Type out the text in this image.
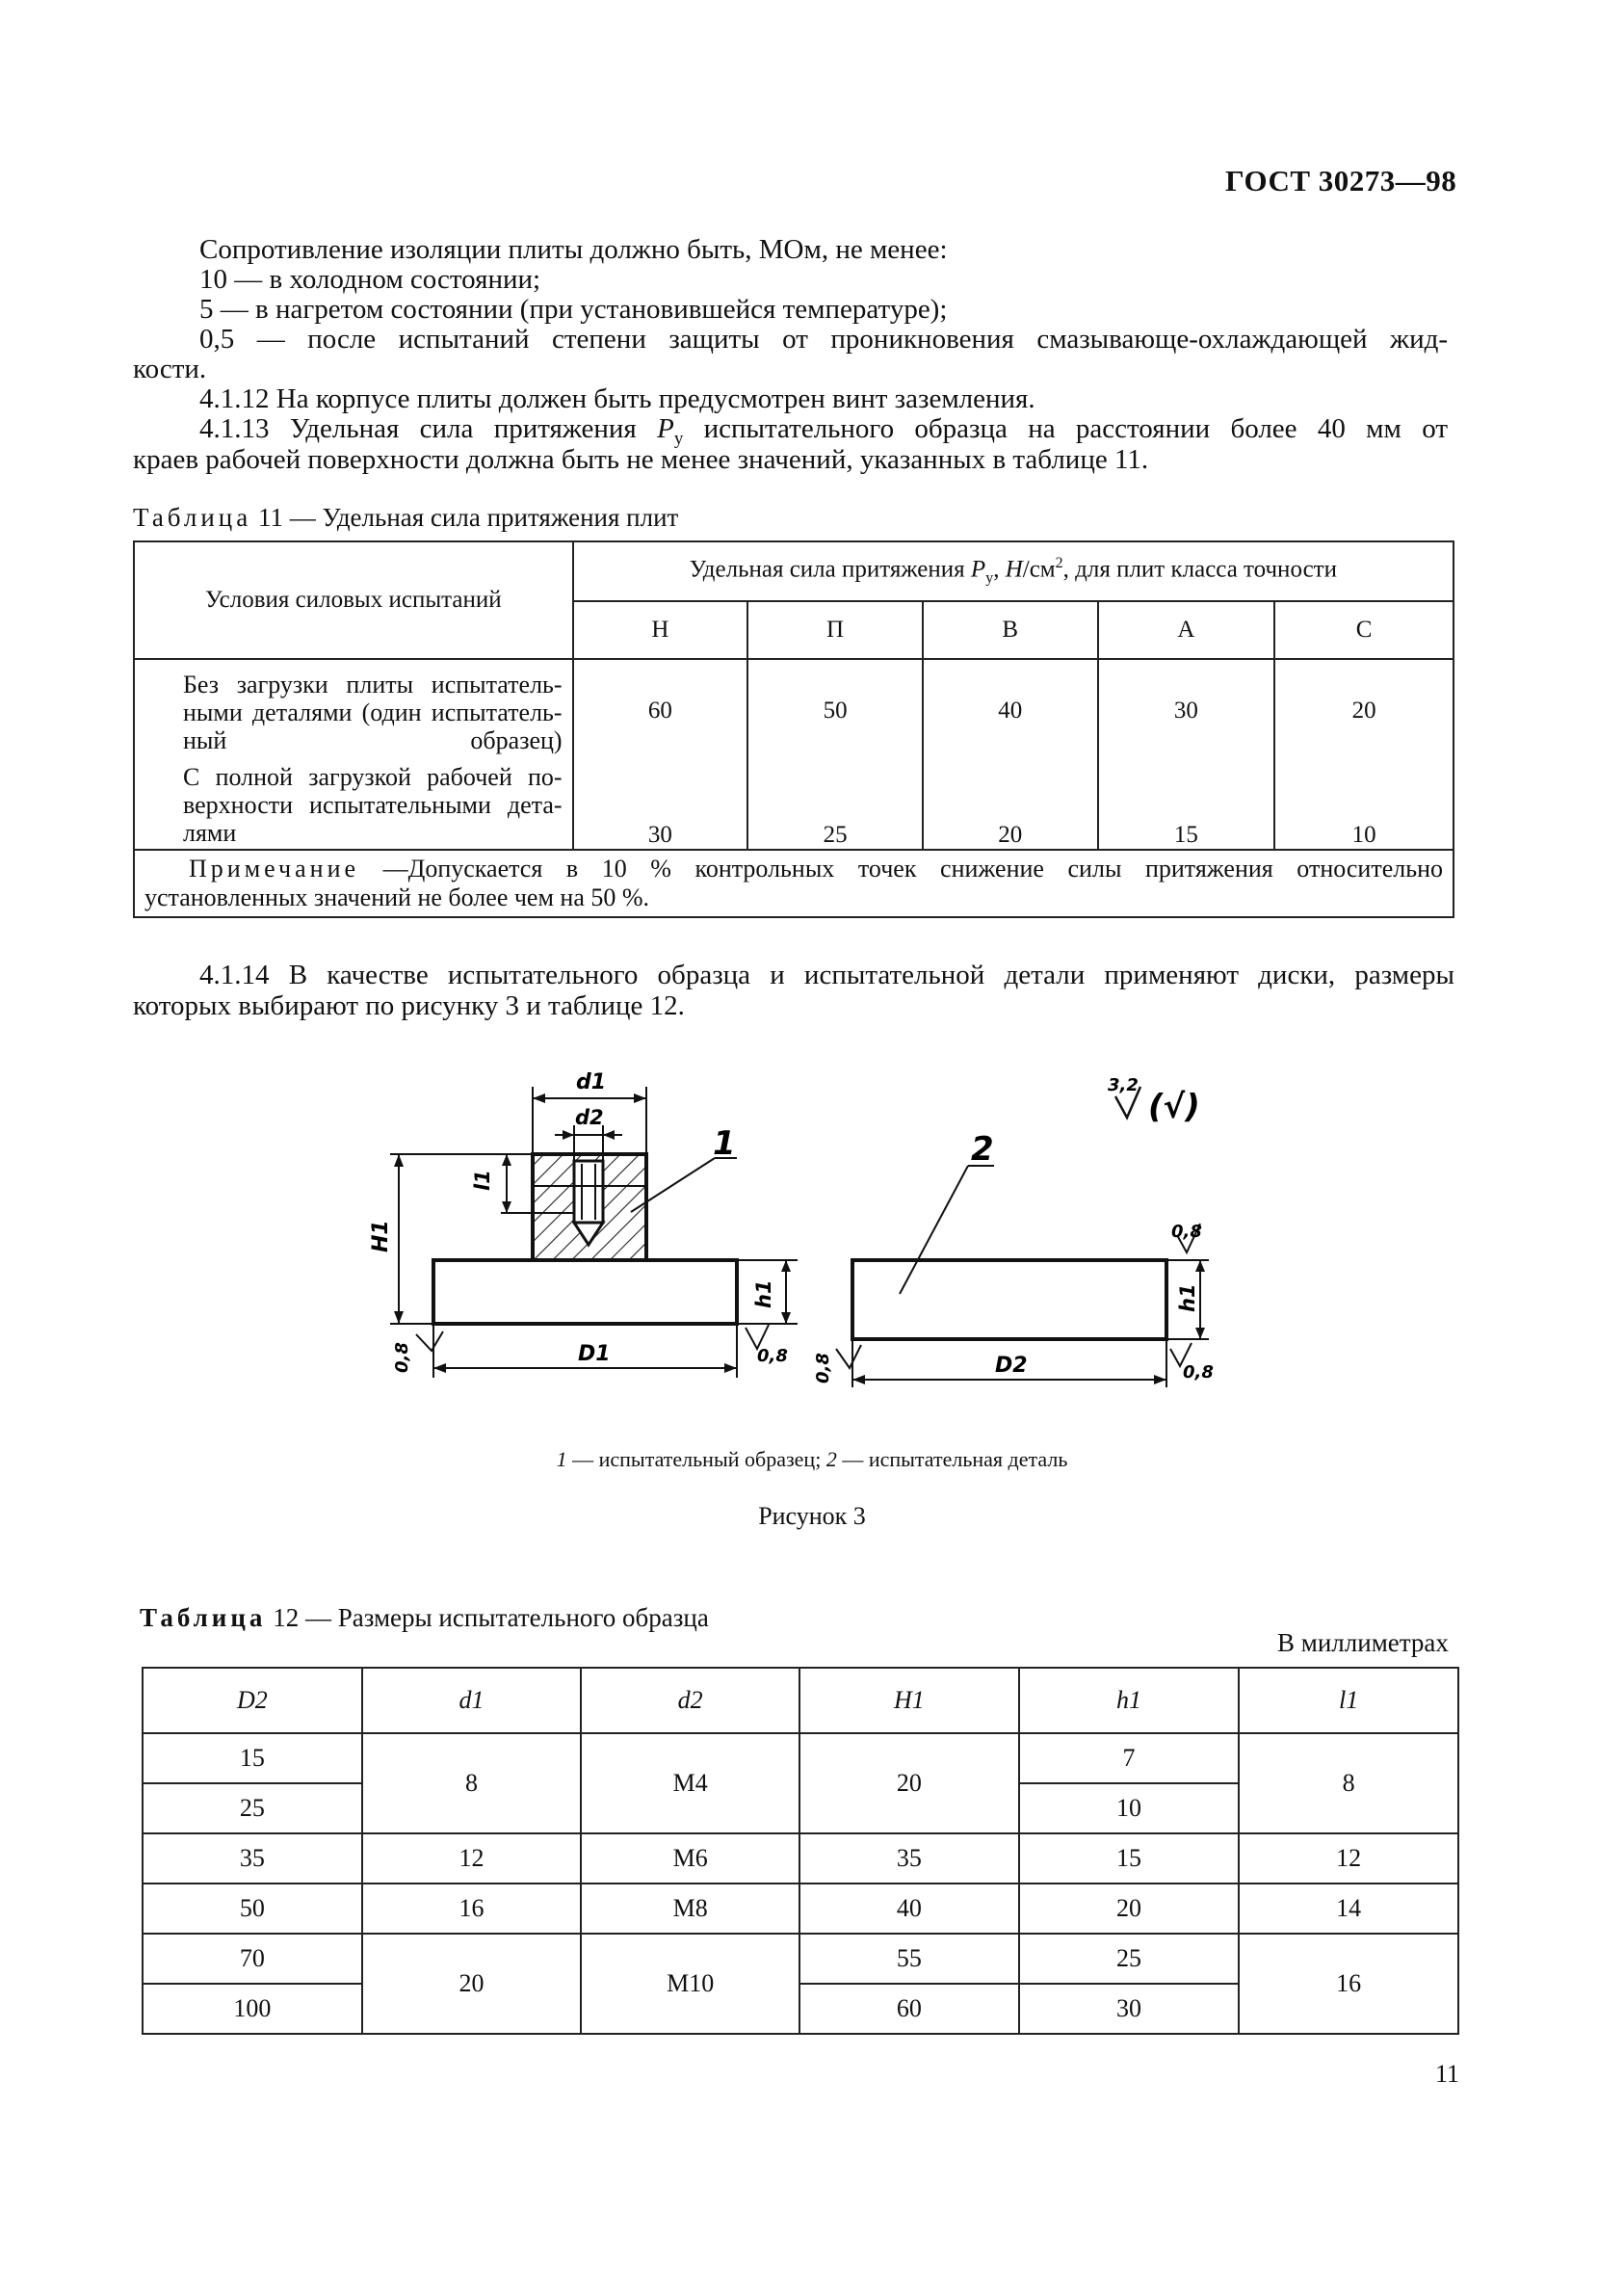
ГОСТ 30273—98
Сопротивление изоляции плиты должно быть, МОм, не менее:
10 — в холодном состоянии;
5 — в нагретом состоянии (при установившейся температуре);
0,5 — после испытаний степени защиты от проникновения смазывающе-охлаждающей жид-
кости.
4.1.12 На корпусе плиты должен быть предусмотрен винт заземления.
4.1.13 Удельная сила притяжения $P_у$ испытательного образца на расстоянии более 40 мм от
краев рабочей поверхности должна быть не менее значений, указанных в таблице 11.
Таблица 11 — Удельная сила притяжения плит
Условия силовых испытаний	Удельная сила притяжения $P_у$, $Н/см^2$, для плит класса точности				
	Н	П	В	А	С

Без загрузки плиты испытательными деталями (один испытательный образец)	60	50	40	30	20

С полной загрузкой рабочей поверхности испытательными деталями	30	25	20	15	10

Примечание —Допускается в 10 % контрольных точек снижение силы притяжения относительно
установленных значений не более чем на 50 %.					
4.1.14 В качестве испытательного образца и испытательной детали применяют диски, размеры
которых выбирают по рисунку 3 и таблице 12.
d1
d2
l1
H1
h1
D1
0,8	0,8
1	2
h1
0,8
D2
0,8	0,8
3,2
(√)
1 — испытательный образец; 2 — испытательная деталь
Рисунок 3
Таблица 12 — Размеры испытательного образца
В миллиметрах
D2	d1	d2	H1	h1	l1
15	8	М4	20	7	8
25				10	
35	12	М6	35	15	12
50	16	М8	40	20	14
70	20	М10	55	25	16
100			60	30	
11
